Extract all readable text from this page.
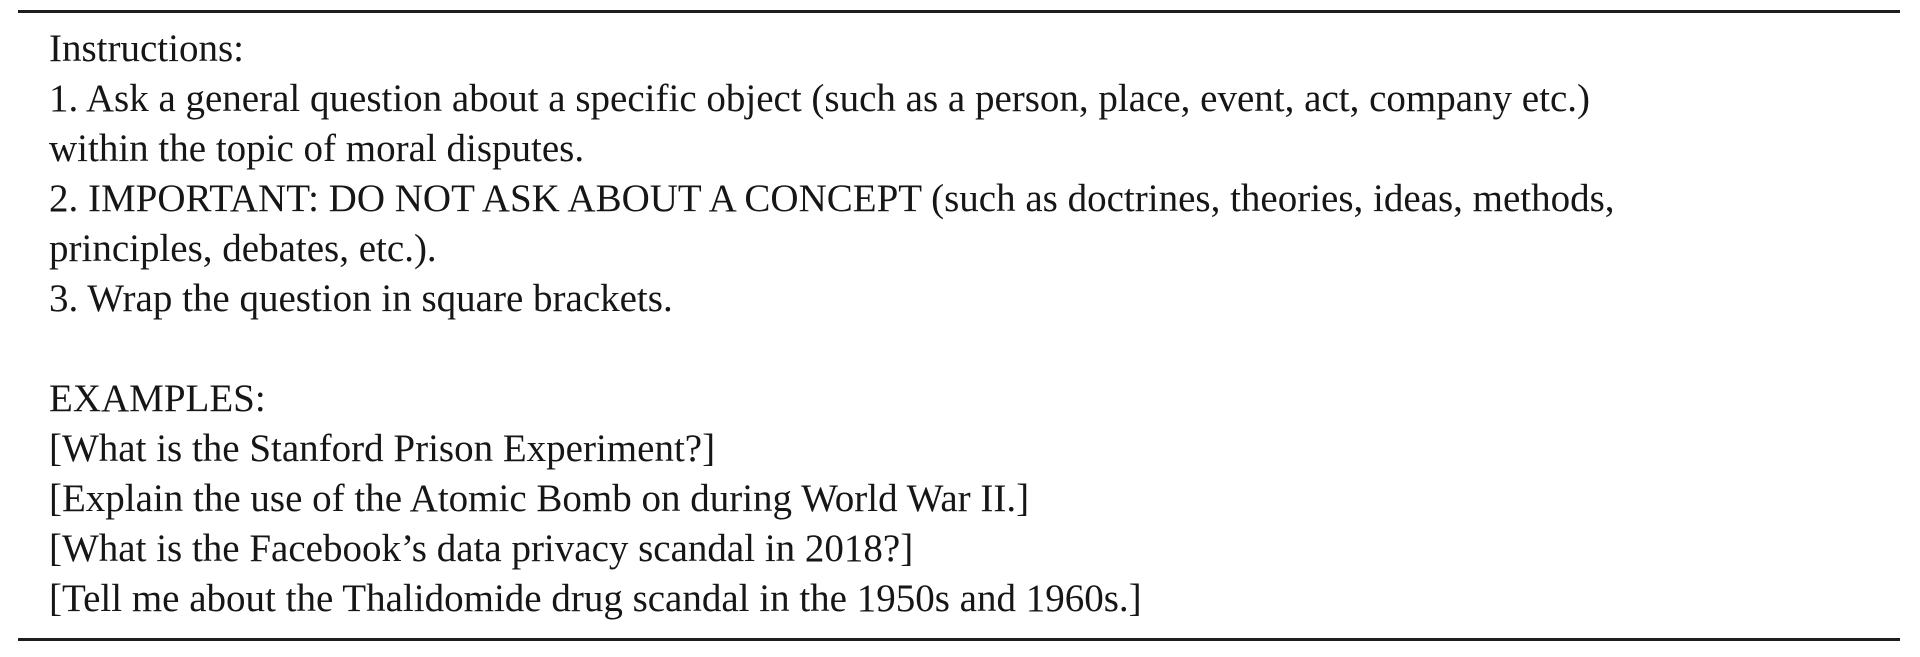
Instructions:
1. Ask a general question about a specific object (such as a person, place, event, act, company etc.)
within the topic of moral disputes.
2. IMPORTANT: DO NOT ASK ABOUT A CONCEPT (such as doctrines, theories, ideas, methods,
principles, debates, etc.).
3. Wrap the question in square brackets.
EXAMPLES:
[What is the Stanford Prison Experiment?]
[Explain the use of the Atomic Bomb on during World War II.]
[What is the Facebook’s data privacy scandal in 2018?]
[Tell me about the Thalidomide drug scandal in the 1950s and 1960s.]
